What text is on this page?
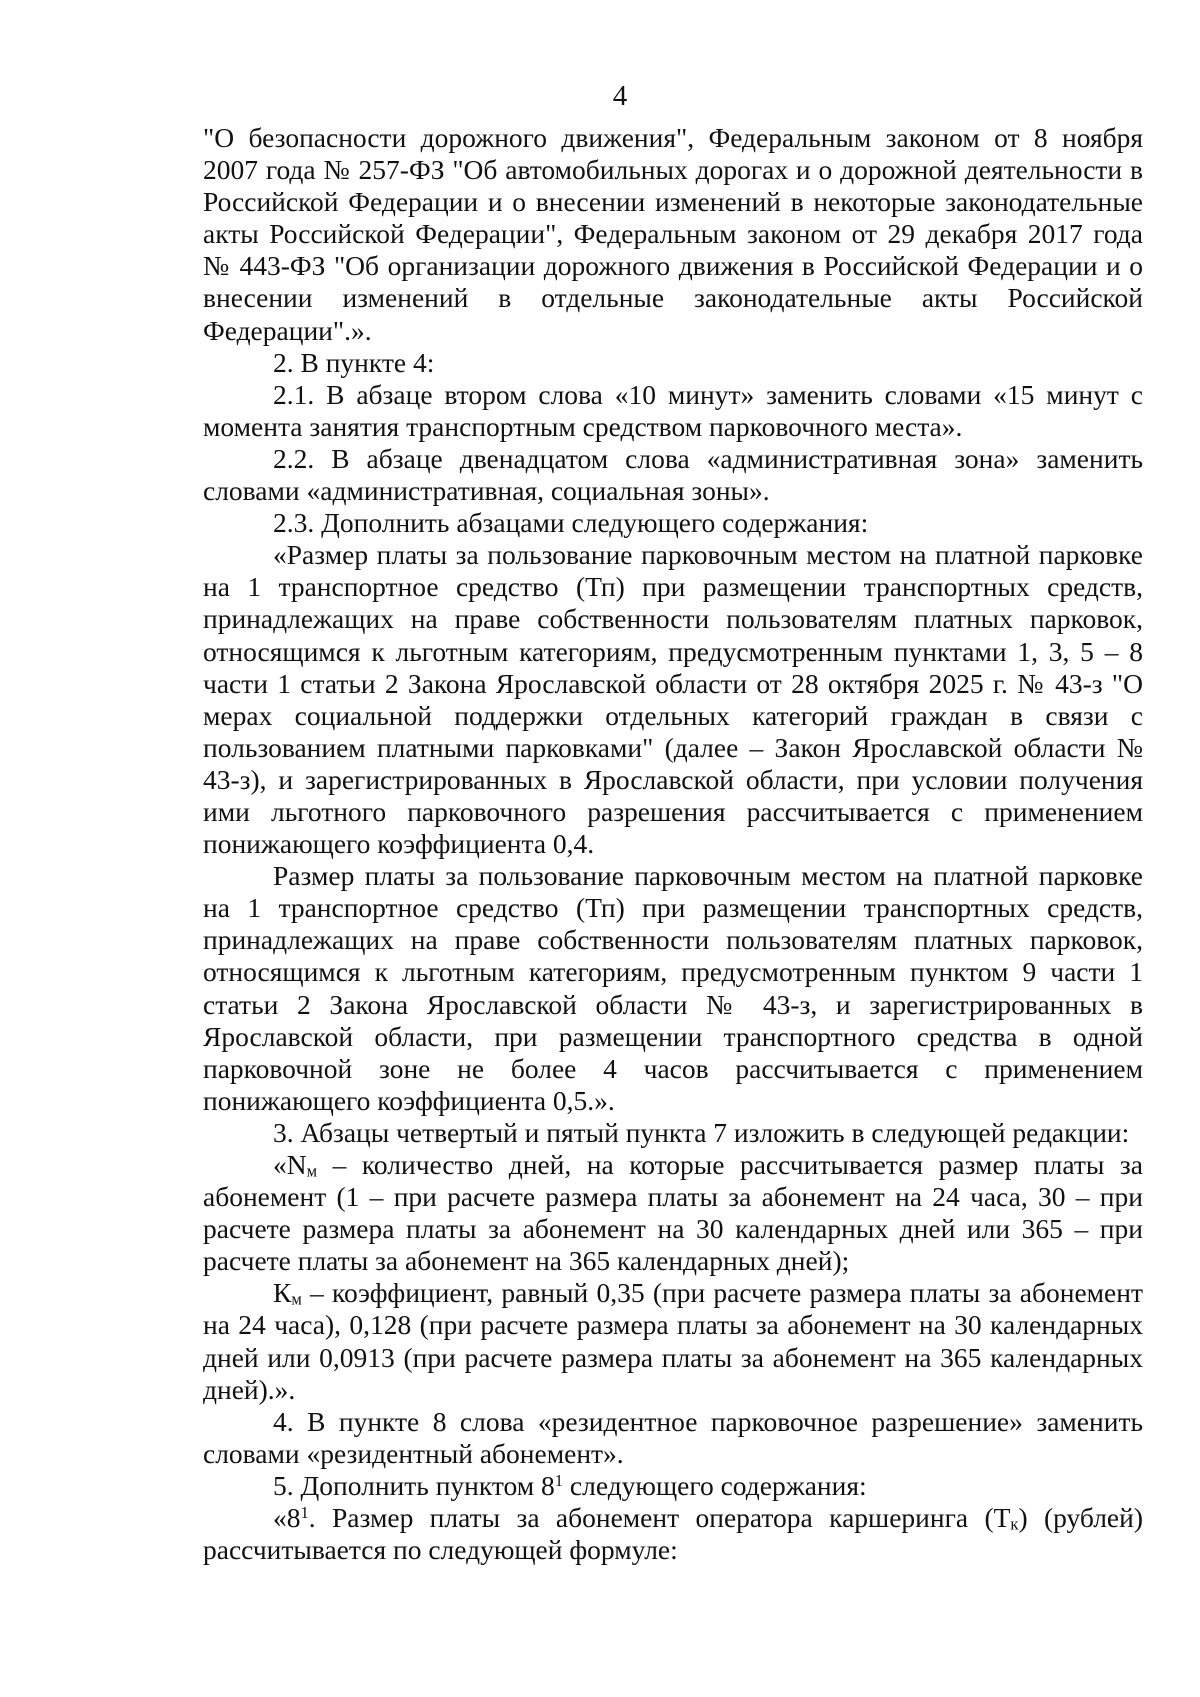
4

"О безопасности дорожного движения", Федеральным законом от 8 ноября 2007 года № 257-ФЗ "Об автомобильных дорогах и о дорожной деятельности в Российской Федерации и о внесении изменений в некоторые законодательные акты Российской Федерации", Федеральным законом от 29 декабря 2017 года № 443-ФЗ "Об организации дорожного движения в Российской Федерации и о внесении изменений в отдельные законодательные акты Российской Федерации".».

2. В пункте 4:

2.1. В абзаце втором слова «10 минут» заменить словами «15 минут с момента занятия транспортным средством парковочного места».

2.2. В абзаце двенадцатом слова «административная зона» заменить словами «административная, социальная зоны».

2.3. Дополнить абзацами следующего содержания:

«Размер платы за пользование парковочным местом на платной парковке на 1 транспортное средство (Тп) при размещении транспортных средств, принадлежащих на праве собственности пользователям платных парковок, относящимся к льготным категориям, предусмотренным пунктами 1, 3, 5 – 8 части 1 статьи 2 Закона Ярославской области от 28 октября 2025 г. № 43-з "О мерах социальной поддержки отдельных категорий граждан в связи с пользованием платными парковками" (далее – Закон Ярославской области № 43-з), и зарегистрированных в Ярославской области, при условии получения ими льготного парковочного разрешения рассчитывается с применением понижающего коэффициента 0,4.

Размер платы за пользование парковочным местом на платной парковке на 1 транспортное средство (Тп) при размещении транспортных средств, принадлежащих на праве собственности пользователям платных парковок, относящимся к льготным категориям, предусмотренным пунктом 9 части 1 статьи 2 Закона Ярославской области № 43-з, и зарегистрированных в Ярославской области, при размещении транспортного средства в одной парковочной зоне не более 4 часов рассчитывается с применением понижающего коэффициента 0,5.».

3. Абзацы четвертый и пятый пункта 7 изложить в следующей редакции:

«$N_м$ – количество дней, на которые рассчитывается размер платы за абонемент (1 – при расчете размера платы за абонемент на 24 часа, 30 – при расчете размера платы за абонемент на 30 календарных дней или 365 – при расчете платы за абонемент на 365 календарных дней);

$К_м$ – коэффициент, равный 0,35 (при расчете размера платы за абонемент на 24 часа), 0,128 (при расчете размера платы за абонемент на 30 календарных дней или 0,0913 (при расчете размера платы за абонемент на 365 календарных дней).».

4. В пункте 8 слова «резидентное парковочное разрешение» заменить словами «резидентный абонемент».

5. Дополнить пунктом $8^1$ следующего содержания:

«$8^1$. Размер платы за абонемент оператора каршеринга $(Т_к)$ (рублей) рассчитывается по следующей формуле:
